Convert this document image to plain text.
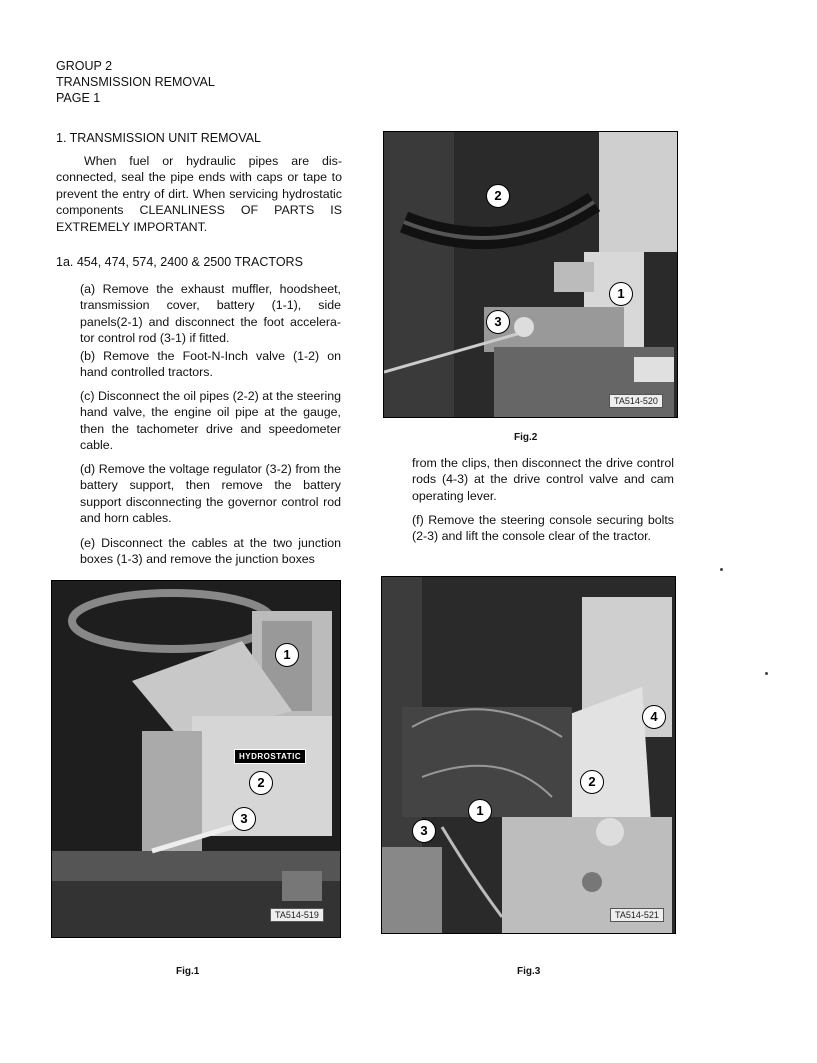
GROUP 2
TRANSMISSION REMOVAL
PAGE 1
1. TRANSMISSION UNIT REMOVAL

When fuel or hydraulic pipes are dis-connected, seal the pipe ends with caps or tape to prevent the entry of dirt. When servicing hydrostatic components CLEANLINESS OF PARTS IS EXTREMELY IMPORTANT.

1a. 454, 474, 574, 2400 & 2500 TRACTORS

(a) Remove the exhaust muffler, hoodsheet, transmission cover, battery (1-1), side panels(2-1) and disconnect the foot accelera-tor control rod (3-1) if fitted.

(b) Remove the Foot-N-Inch valve (1-2) on hand controlled tractors.

(c) Disconnect the oil pipes (2-2) at the steering hand valve, the engine oil pipe at the gauge, then the tachometer drive and speedometer cable.

(d) Remove the voltage regulator (3-2) from the battery support, then remove the battery support disconnecting the governor control rod and horn cables.

(e) Disconnect the cables at the two junction boxes (1-3) and remove the junction boxes

from the clips, then disconnect the drive control rods (4-3) at the drive control valve and cam operating lever.

(f) Remove the steering console securing bolts (2-3) and lift the console clear of the tractor.

2
1
3
TA514-520
Fig.2
1
HYDROSTATIC
2
3
TA514-519
Fig.1
4
2
1
3
TA514-521
Fig.3
